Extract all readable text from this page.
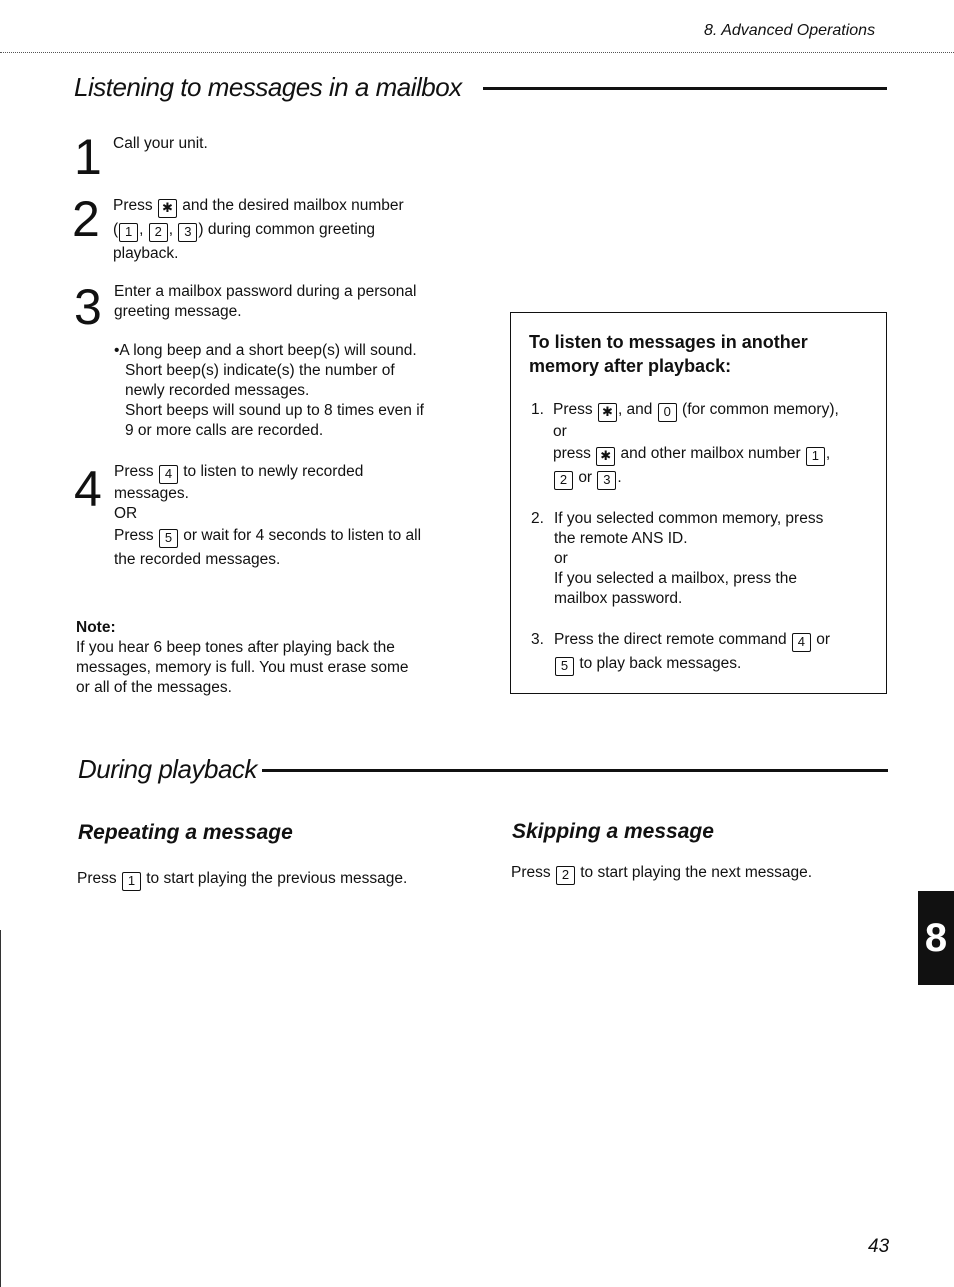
8. Advanced Operations
Listening to messages in a mailbox
1 Call your unit.
2 Press ✱ and the desired mailbox number
( 1 , 2 , 3 ) during common greeting
playback.
3 Enter a mailbox password during a personal
greeting message.
•A long beep and a short beep(s) will sound.
Short beep(s) indicate(s) the number of
newly recorded messages.
Short beeps will sound up to 8 times even if
9 or more calls are recorded.
4 Press 4 to listen to newly recorded
messages.
OR
Press 5 or wait for 4 seconds to listen to all
the recorded messages.
Note:
If you hear 6 beep tones after playing back the
messages, memory is full. You must erase some
or all of the messages.
To listen to messages in another
memory after playback:
1. Press ✱ , and 0 (for common memory),
or
press ✱ and other mailbox number 1 ,
2 or 3 .
2. If you selected common memory, press
the remote ANS ID.
or
If you selected a mailbox, press the
mailbox password.
3. Press the direct remote command 4 or
5 to play back messages.
During playback
Repeating a message
Press 1 to start playing the previous message.
Skipping a message
Press 2 to start playing the next message.
8
43
